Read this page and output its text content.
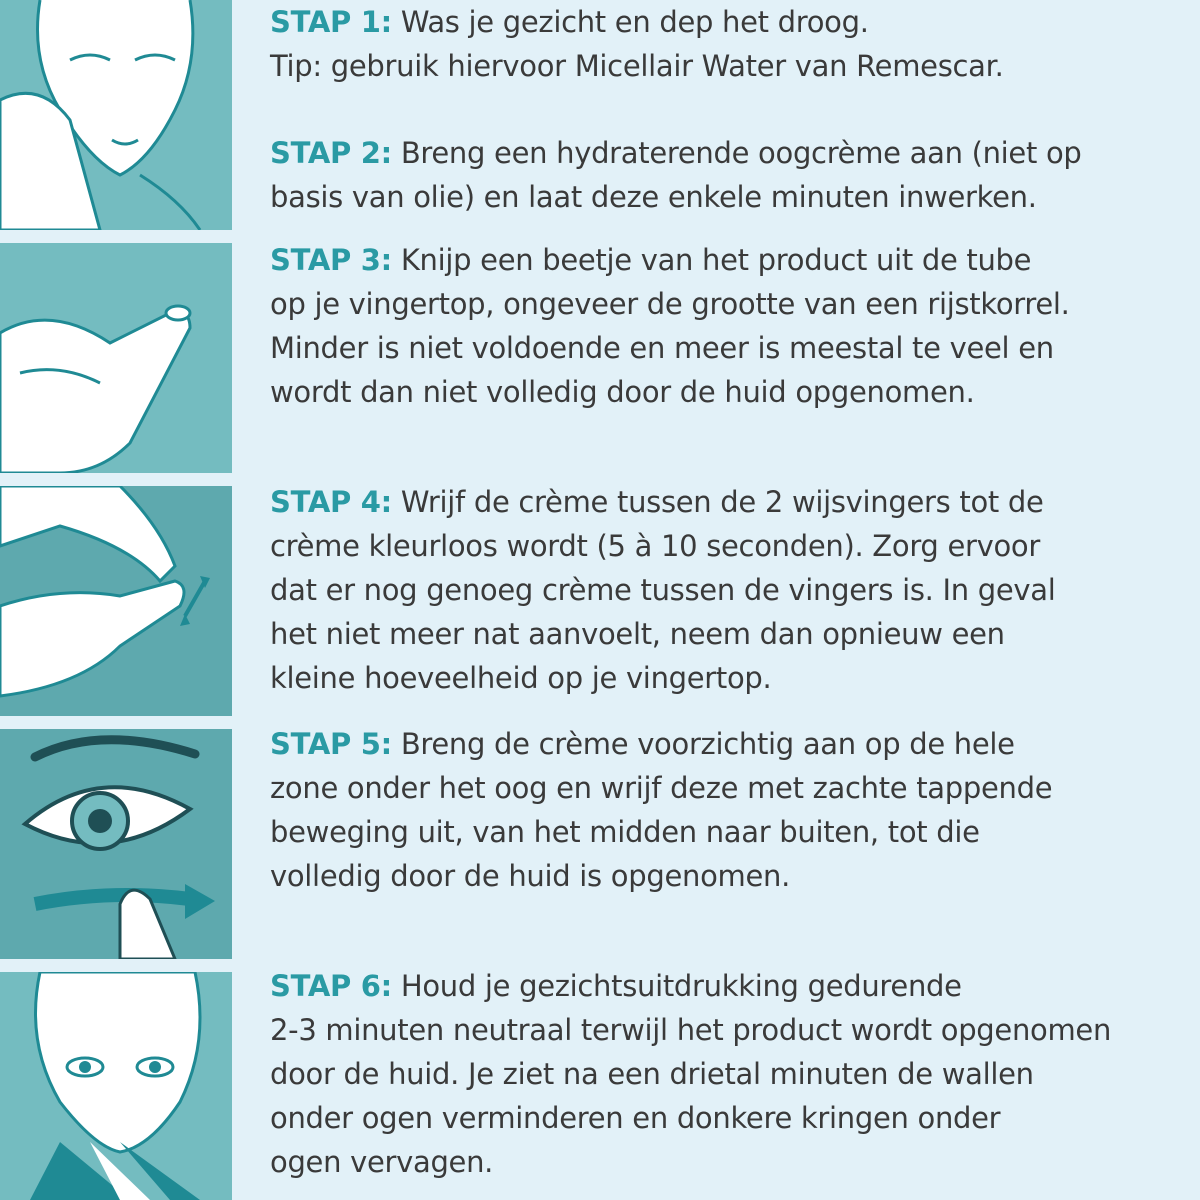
STAP 1: Was je gezicht en dep het droog.

Tip: gebruik hiervoor Micellair Water van Remescar.

STAP 2: Breng een hydraterende oogcrème aan (niet op

basis van olie) en laat deze enkele minuten inwerken.

STAP 3: Knijp een beetje van het product uit de tube

op je vingertop, ongeveer de grootte van een rijstkorrel.

Minder is niet voldoende en meer is meestal te veel en

wordt dan niet volledig door de huid opgenomen.

STAP 4: Wrijf de crème tussen de 2 wijsvingers tot de

crème kleurloos wordt (5 à 10 seconden). Zorg ervoor

dat er nog genoeg crème tussen de vingers is. In geval

het niet meer nat aanvoelt, neem dan opnieuw een

kleine hoeveelheid op je vingertop.

STAP 5: Breng de crème voorzichtig aan op de hele

zone onder het oog en wrijf deze met zachte tappende

beweging uit, van het midden naar buiten, tot die

volledig door de huid is opgenomen.

STAP 6: Houd je gezichtsuitdrukking gedurende

2-3 minuten neutraal terwijl het product wordt opgenomen

door de huid. Je ziet na een drietal minuten de wallen

onder ogen verminderen en donkere kringen onder

ogen vervagen.
